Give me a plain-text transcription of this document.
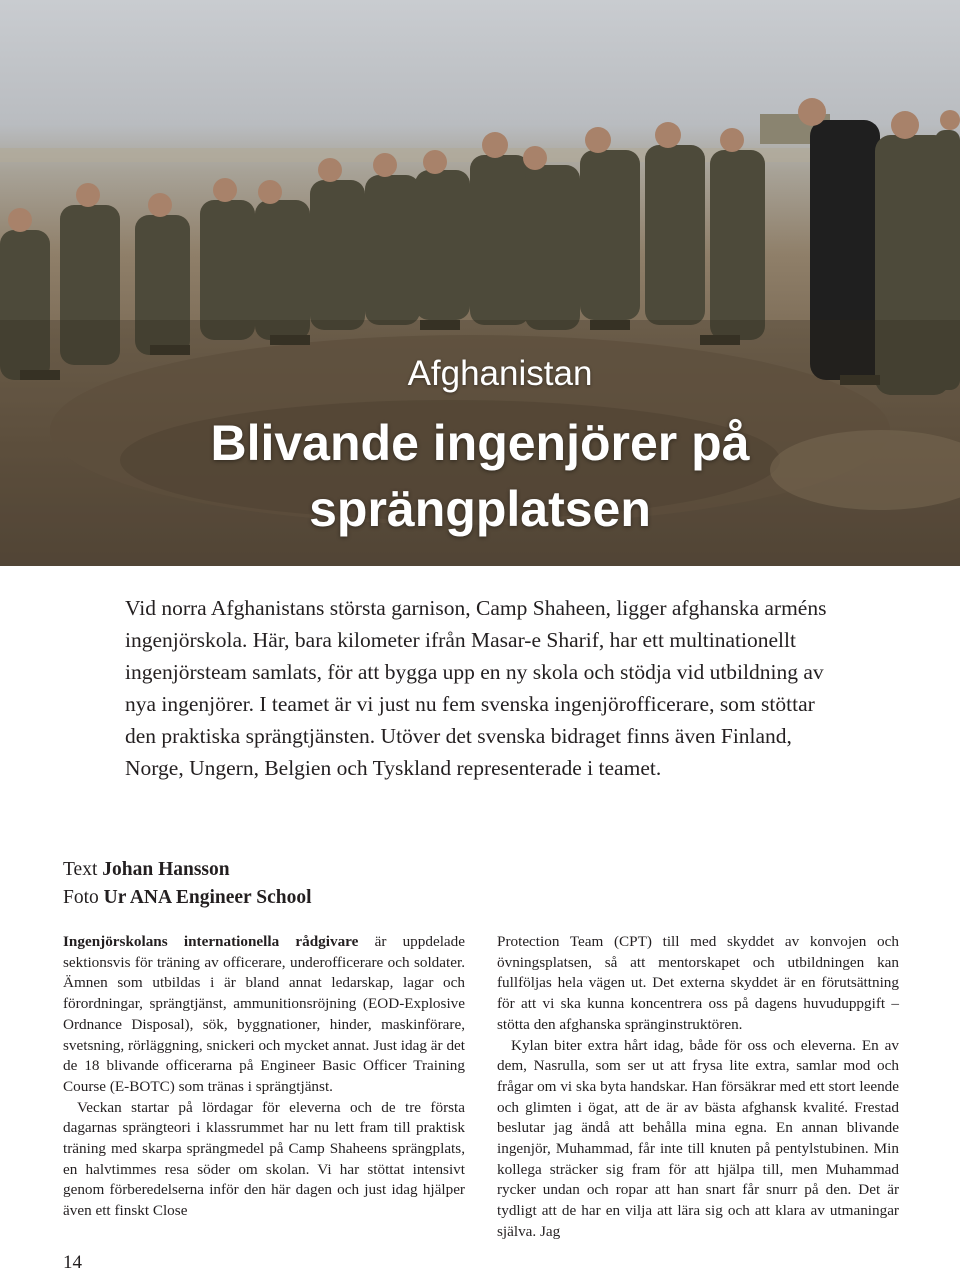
Afghanistan
Blivande ingenjörer på
sprängplatsen

Vid norra Afghanistans största garnison, Camp Shaheen, ligger afghanska arméns ingenjörskola. Här, bara kilometer ifrån Masar-e Sharif, har ett multinationellt ingenjörsteam samlats, för att bygga upp en ny skola och stödja vid utbildning av nya ingenjörer. I teamet är vi just nu fem svenska ingenjörofficerare, som stöttar den praktiska sprängtjänsten. Utöver det svenska bidraget finns även Finland, Norge, Ungern, Belgien och Tyskland representerade i teamet.

Text Johan Hansson
Foto Ur ANA Engineer School

Ingenjörskolans internationella rådgivare är uppdelade sektionsvis för träning av officerare, underofficerare och soldater. Ämnen som utbildas i är bland annat ledarskap, lagar och förordningar, sprängtjänst, ammunitionsröjning (EOD-Explosive Ordnance Disposal), sök, byggnationer, hinder, maskinförare, svetsning, rörläggning, snickeri och mycket annat. Just idag är det de 18 blivande officerarna på Engineer Basic Officer Training Course (E-BOTC) som tränas i sprängtjänst.

Veckan startar på lördagar för eleverna och de tre första dagarnas sprängteori i klassrummet har nu lett fram till praktisk träning med skarpa sprängmedel på Camp Shaheens sprängplats, en halvtimmes resa söder om skolan. Vi har stöttat intensivt genom förberedelserna inför den här dagen och just idag hjälper även ett finskt Close

Protection Team (CPT) till med skyddet av konvojen och övningsplatsen, så att mentorskapet och utbildningen kan fullföljas hela vägen ut. Det externa skyddet är en förutsättning för att vi ska kunna koncentrera oss på dagens huvuduppgift – stötta den afghanska spränginstruktören.

Kylan biter extra hårt idag, både för oss och eleverna. En av dem, Nasrulla, som ser ut att frysa lite extra, samlar mod och frågar om vi ska byta handskar. Han försäkrar med ett stort leende och glimten i ögat, att de är av bästa afghansk kvalité. Frestad beslutar jag ändå att behålla mina egna. En annan blivande ingenjör, Muhammad, får inte till knuten på pentylstubinen. Min kollega sträcker sig fram för att hjälpa till, men Muhammad rycker undan och ropar att han snart får snurr på den. Det är tydligt att de har en vilja att lära sig och att klara av utmaningar själva. Jag

14
